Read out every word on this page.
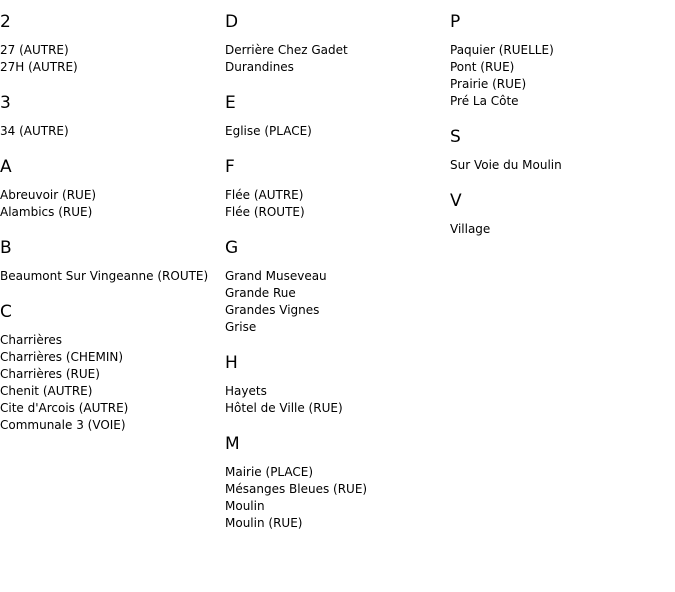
2
27 (AUTRE)
27H (AUTRE)
3
34 (AUTRE)
A
Abreuvoir (RUE)
Alambics (RUE)
B
Beaumont Sur Vingeanne (ROUTE)
C
Charrières
Charrières (CHEMIN)
Charrières (RUE)
Chenit (AUTRE)
Cite d'Arcois (AUTRE)
Communale 3 (VOIE)
D
Derrière Chez Gadet
Durandines
E
Eglise (PLACE)
F
Flée (AUTRE)
Flée (ROUTE)
G
Grand Museveau
Grande Rue
Grandes Vignes
Grise
H
Hayets
Hôtel de Ville (RUE)
M
Mairie (PLACE)
Mésanges Bleues (RUE)
Moulin
Moulin (RUE)
P
Paquier (RUELLE)
Pont (RUE)
Prairie (RUE)
Pré La Côte
S
Sur Voie du Moulin
V
Village
